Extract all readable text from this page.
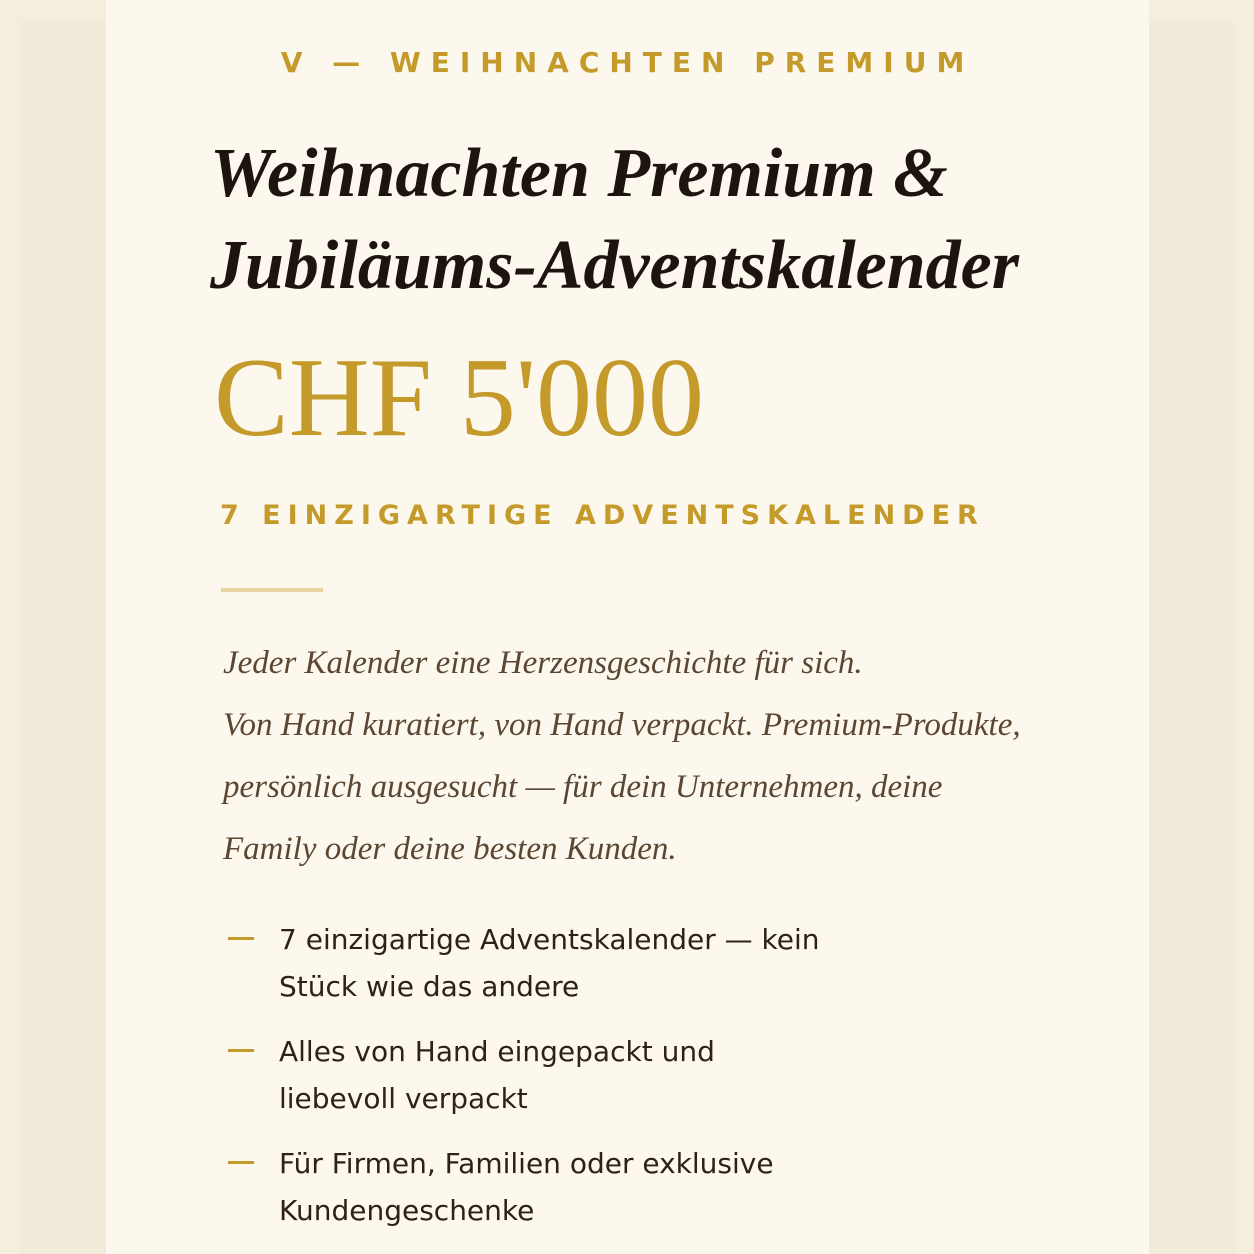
V — WEIHNACHTEN PREMIUM
Weihnachten Premium &
Jubiläums-Adventskalender
CHF 5'000
7 EINZIGARTIGE ADVENTSKALENDER
Jeder Kalender eine Herzensgeschichte für sich.
Von Hand kuratiert, von Hand verpackt. Premium-Produkte,
persönlich ausgesucht — für dein Unternehmen, deine
Family oder deine besten Kunden.
7 einzigartige Adventskalender — kein
Stück wie das andere
Alles von Hand eingepackt und
liebevoll verpackt
Für Firmen, Familien oder exklusive
Kundengeschenke
